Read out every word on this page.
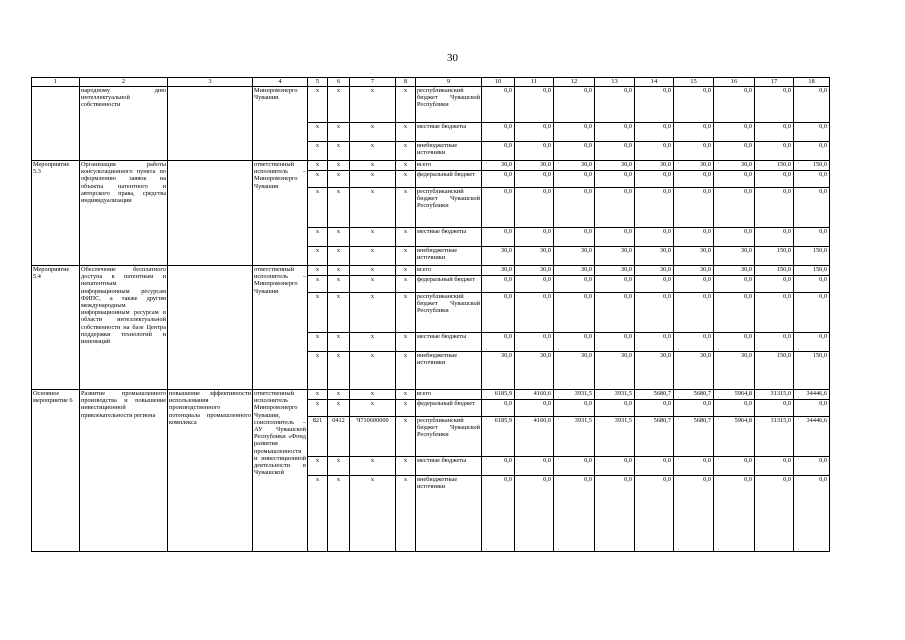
30
1	2	3	4	5	6	7	8	9	10	11	12	13	14	15	16	17	18
	народному дню интеллектуальной собственности		Минпромэнерго Чувашии	x	x	x	x	республиканский бюджет Чувашской Республики	0,0	0,0	0,0	0,0	0,0	0,0	0,0	0,0	0,0
				x	x	x	x	местные бюджеты	0,0	0,0	0,0	0,0	0,0	0,0	0,0	0,0	0,0
				x	x	x	x	внебюджетные источники	0,0	0,0	0,0	0,0	0,0	0,0	0,0	0,0	0,0
Мероприятие 5.3	Организация работы консультационного пункта по оформлению заявок на объекты патентного и авторского права, средства индивидуализации		ответственный исполнитель – Минпромэнерго Чувашии	x	x	x	x	всего	30,0	30,0	30,0	30,0	30,0	30,0	30,0	150,0	150,0
				x	x	x	x	федеральный бюджет	0,0	0,0	0,0	0,0	0,0	0,0	0,0	0,0	0,0
				x	x	x	x	республиканский бюджет Чувашской Республики	0,0	0,0	0,0	0,0	0,0	0,0	0,0	0,0	0,0
				x	x	x	x	местные бюджеты	0,0	0,0	0,0	0,0	0,0	0,0	0,0	0,0	0,0
				x	x	x	x	внебюджетные источники	30,0	30,0	30,0	30,0	30,0	30,0	30,0	150,0	150,0
Мероприятие 5.4	Обеспечение бесплатного доступа к патентным и непатентным информационным ресурсам ФИПС, а также другим международным информационным ресурсам в области интеллектуальной собственности на базе Центра поддержки технологий и инноваций		ответственный исполнитель – Минпромэнерго Чувашии	x	x	x	x	всего	30,0	30,0	30,0	30,0	30,0	30,0	30,0	150,0	150,0
				x	x	x	x	федеральный бюджет	0,0	0,0	0,0	0,0	0,0	0,0	0,0	0,0	0,0
				x	x	x	x	республиканский бюджет Чувашской Республики	0,0	0,0	0,0	0,0	0,0	0,0	0,0	0,0	0,0
				x	x	x	x	местные бюджеты	0,0	0,0	0,0	0,0	0,0	0,0	0,0	0,0	0,0
				x	x	x	x	внебюджетные источники	30,0	30,0	30,0	30,0	30,0	30,0	30,0	150,0	150,0
Основное мероприятие 6	Развитие промышленного производства и повышение инвестиционной привлекательности региона	повышение эффективности использования производственного потенциала промышленного комплекса	ответственный исполнитель Минпромэнерго Чувашии, соисполнитель – АУ Чувашской Республики «Фонд развития промышленности и инвестиционной деятельности в Чувашской	x	x	x	x	всего	6185,9	4160,6	3931,5	3931,5	5680,7	5680,7	5964,8	31315,0	34446,6
				x	x	x	x	федеральный бюджет	0,0	0,0	0,0	0,0	0,0	0,0	0,0	0,0	0,0
				821	0412	Ч710600000	x	республиканский бюджет Чувашской Республики	6185,9	4160,6	3931,5	3931,5	5680,7	5680,7	5964,8	31315,0	34446,6
				x	x	x	x	местные бюджеты	0,0	0,0	0,0	0,0	0,0	0,0	0,0	0,0	0,0
				x	x	x	x	внебюджетные источники	0,0	0,0	0,0	0,0	0,0	0,0	0,0	0,0	0,0
